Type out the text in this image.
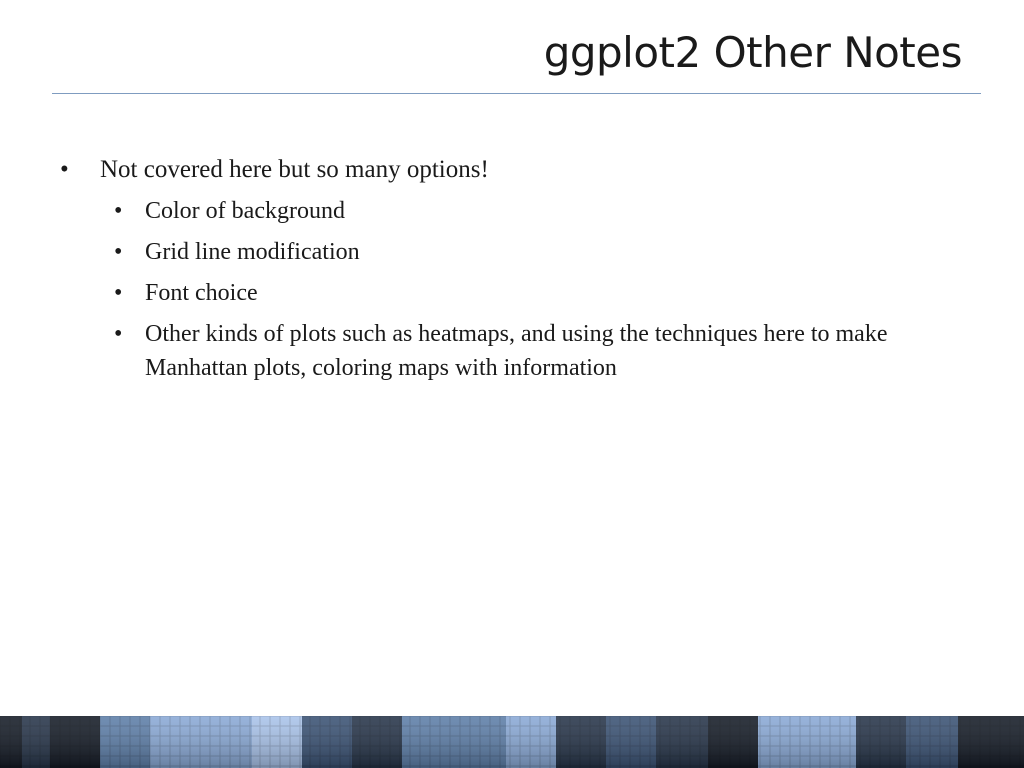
ggplot2 Other Notes
• Not covered here but so many options!
• Color of background
• Grid line modification
• Font choice
• Other kinds of plots such as heatmaps, and using the techniques here to make Manhattan plots, coloring maps with information
